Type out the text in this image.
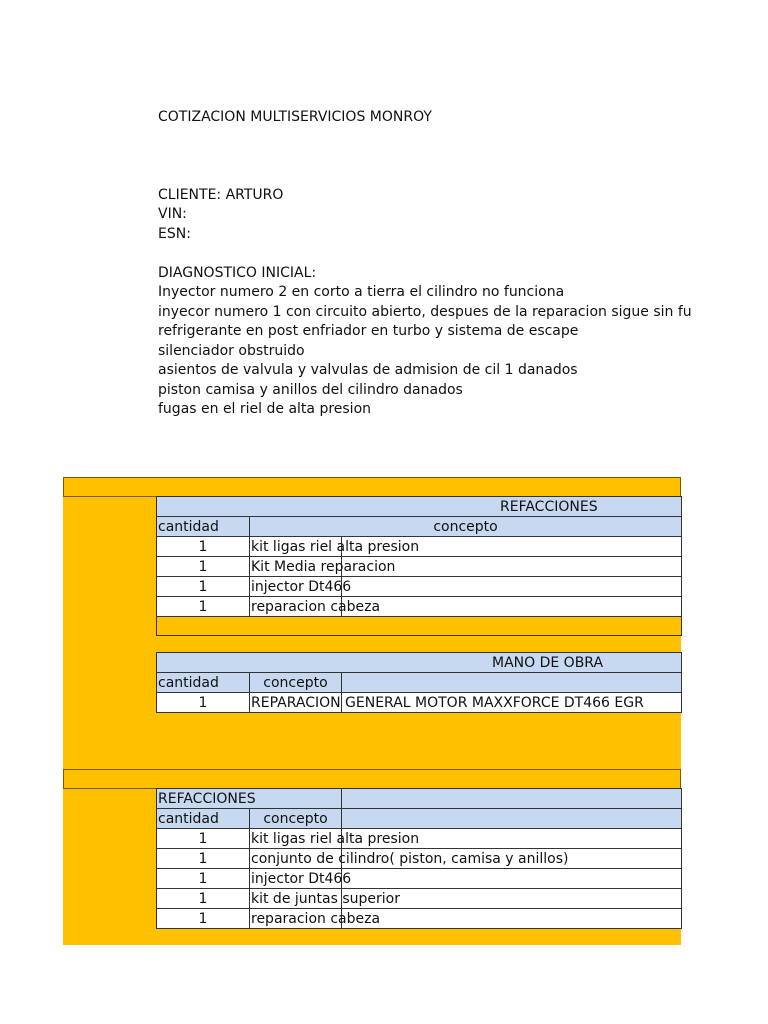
COTIZACION MULTISERVICIOS MONROY
CLIENTE: ARTURO
VIN:
ESN:
DIAGNOSTICO INICIAL:
Inyector numero 2 en corto a tierra el cilindro no funciona
inyecor numero 1 con circuito abierto, despues de la reparacion sigue sin fu
refrigerante en post enfriador en turbo y sistema de escape
silenciador obstruido
asientos de valvula y valvulas de admision de cil 1 danados
piston camisa y anillos del cilindro danados
fugas en el riel de alta presion
REFACCIONES		
cantidad	concepto	
1	kit ligas riel alta presion	
1	Kit Media reparacion	
1	injector Dt466	
1	reparacion cabeza	

MANO DE OBRA		
cantidad	concepto	
1	REPARACION GENERAL MOTOR MAXXFORCE DT466 EGR	
REFACCIONES		
cantidad	concepto	
1	kit ligas riel alta presion	
1	conjunto de cilindro( piston, camisa y anillos)	
1	injector Dt466	
1	kit de juntas superior	
1	reparacion cabeza	
